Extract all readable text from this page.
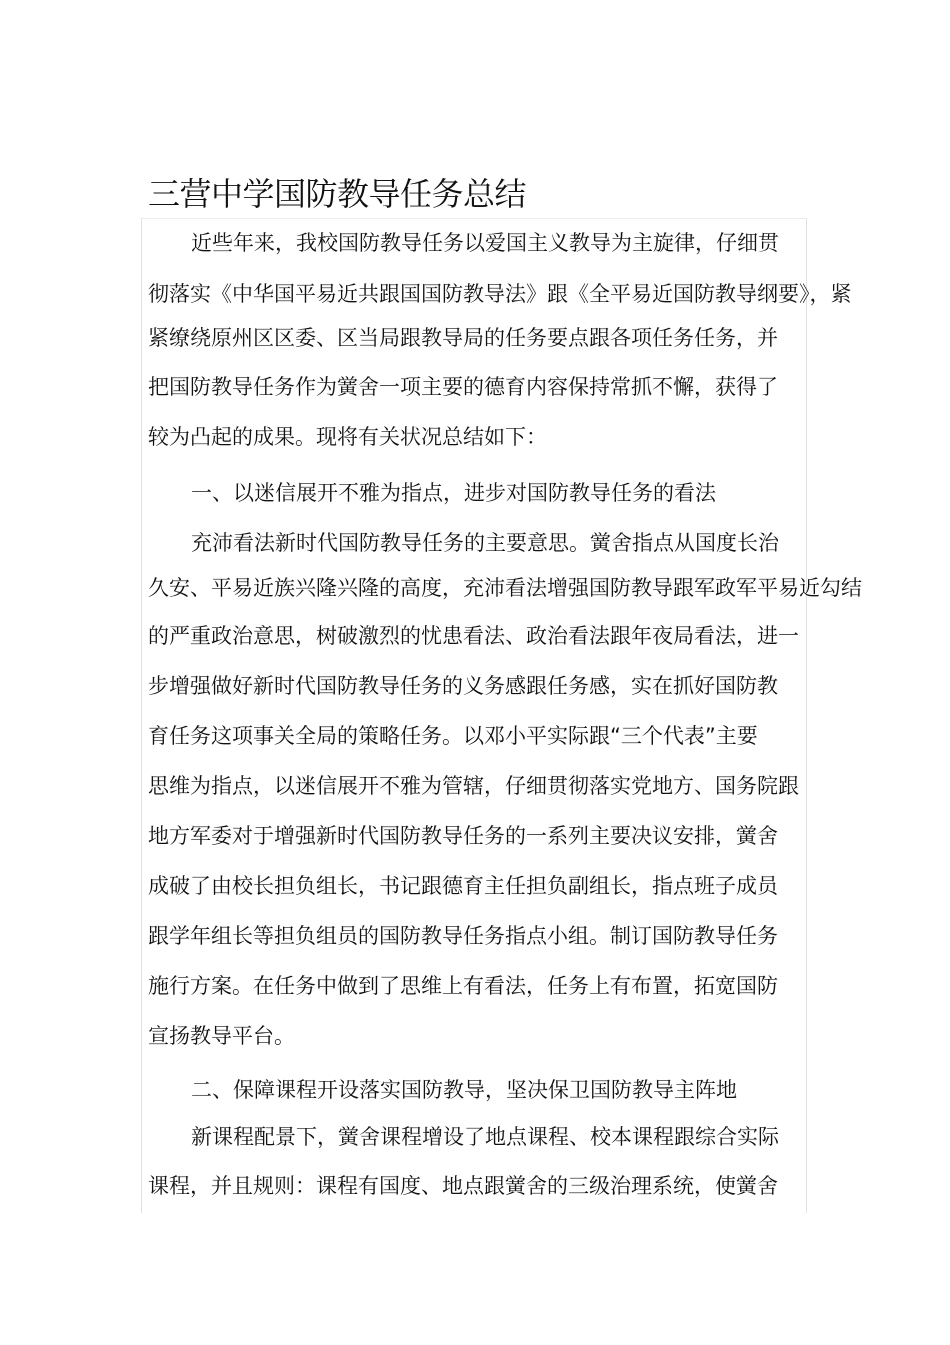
三营中学国防教导任务总结
近些年来，我校国防教导任务以爱国主义教导为主旋律，仔细贯
彻落实《中华国平易近共跟国国防教导法》跟《全平易近国防教导纲要》，紧
紧缭绕原州区区委、区当局跟教导局的任务要点跟各项任务任务，并
把国防教导任务作为黉舍一项主要的德育内容保持常抓不懈，获得了
较为凸起的成果。现将有关状况总结如下：
一、以迷信展开不雅为指点，进步对国防教导任务的看法
充沛看法新时代国防教导任务的主要意思。黉舍指点从国度长治
久安、平易近族兴隆兴隆的高度，充沛看法增强国防教导跟军政军平易近勾结
的严重政治意思，树破激烈的忧患看法、政治看法跟年夜局看法，进一
步增强做好新时代国防教导任务的义务感跟任务感，实在抓好国防教
育任务这项事关全局的策略任务。以邓小平实际跟“三个代表”主要
思维为指点，以迷信展开不雅为管辖，仔细贯彻落实党地方、国务院跟
地方军委对于增强新时代国防教导任务的一系列主要决议安排，黉舍
成破了由校长担负组长，书记跟德育主任担负副组长，指点班子成员
跟学年组长等担负组员的国防教导任务指点小组。制订国防教导任务
施行方案。在任务中做到了思维上有看法，任务上有布置，拓宽国防
宣扬教导平台。
二、保障课程开设落实国防教导，坚决保卫国防教导主阵地
新课程配景下，黉舍课程增设了地点课程、校本课程跟综合实际
课程，并且规则：课程有国度、地点跟黉舍的三级治理系统，使黉舍
